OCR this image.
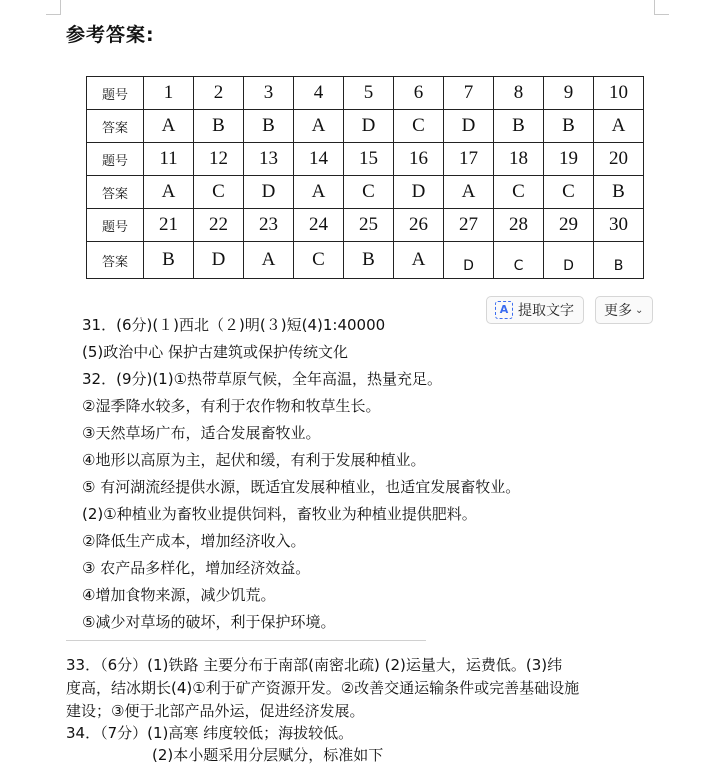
参考答案:
题号	1	2	3	4	5	6	7	8	9	10
答案	A	B	B	A	D	C	D	B	B	A
题号	11	12	13	14	15	16	17	18	19	20
答案	A	C	D	A	C	D	A	C	C	B
题号	21	22	23	24	25	26	27	28	29	30
答案	B	D	A	C	B	A	D	C	D	B
A 提取文字 更多 ⌄
31．(6分)(１)西北（２)明(３)短(4)1:40000
(5)政治中心 保护古建筑或保护传统文化
32．(9分)(1)①热带草原气候，全年高温，热量充足。
②湿季降水较多，有利于农作物和牧草生长。
③天然草场广布，适合发展畜牧业。
④地形以高原为主，起伏和缓，有利于发展种植业。
⑤ 有河湖流经提供水源，既适宜发展种植业，也适宜发展畜牧业。
(2)①种植业为畜牧业提供饲料，畜牧业为种植业提供肥料。
②降低生产成本，增加经济收入。
③ 农产品多样化，增加经济效益。
④增加食物来源，减少饥荒。
⑤减少对草场的破坏，利于保护环境。
33．（6分）(1)铁路 主要分布于南部(南密北疏) (2)运量大，运费低。(3)纬
度高，结冰期长(4)①利于矿产资源开发。②改善交通运输条件或完善基础设施
建设；③便于北部产品外运，促进经济发展。
34．（7分）(1)高寒 纬度较低；海拔较低。
(2)本小题采用分层赋分，标准如下
